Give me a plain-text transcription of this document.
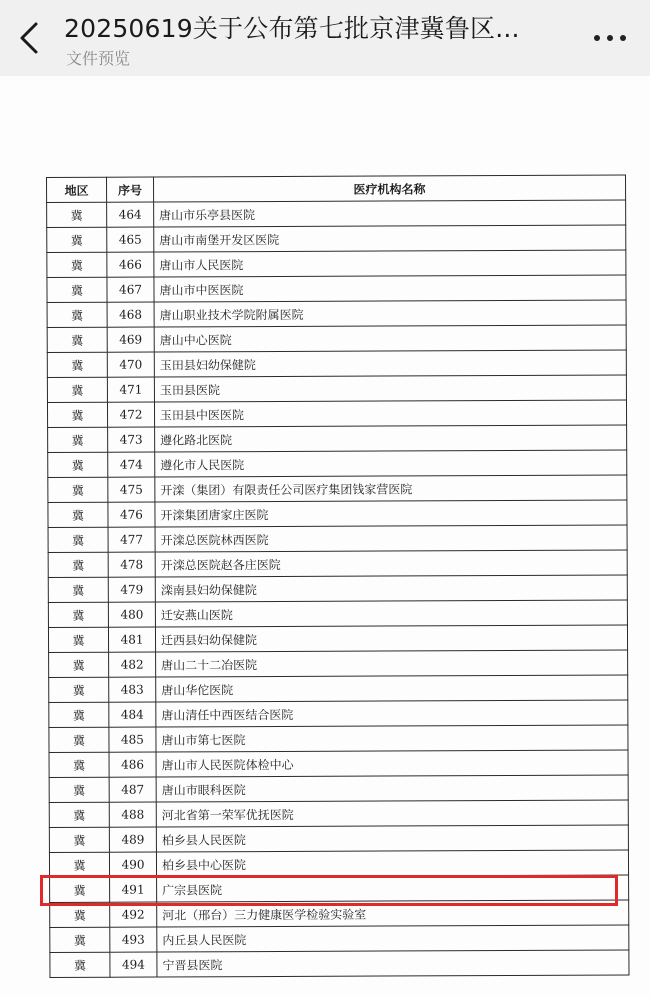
20250619关于公布第七批京津冀鲁区...
文件预览
地区	序号	医疗机构名称
冀	464	唐山市乐亭县医院
冀	465	唐山市南堡开发区医院
冀	466	唐山市人民医院
冀	467	唐山市中医医院
冀	468	唐山职业技术学院附属医院
冀	469	唐山中心医院
冀	470	玉田县妇幼保健院
冀	471	玉田县医院
冀	472	玉田县中医医院
冀	473	遵化路北医院
冀	474	遵化市人民医院
冀	475	开滦（集团）有限责任公司医疗集团钱家营医院
冀	476	开滦集团唐家庄医院
冀	477	开滦总医院林西医院
冀	478	开滦总医院赵各庄医院
冀	479	滦南县妇幼保健院
冀	480	迁安燕山医院
冀	481	迁西县妇幼保健院
冀	482	唐山二十二冶医院
冀	483	唐山华佗医院
冀	484	唐山清任中西医结合医院
冀	485	唐山市第七医院
冀	486	唐山市人民医院体检中心
冀	487	唐山市眼科医院
冀	488	河北省第一荣军优抚医院
冀	489	柏乡县人民医院
冀	490	柏乡县中心医院
冀	491	广宗县医院
冀	492	河北（邢台）三力健康医学检验实验室
冀	493	内丘县人民医院
冀	494	宁晋县医院
